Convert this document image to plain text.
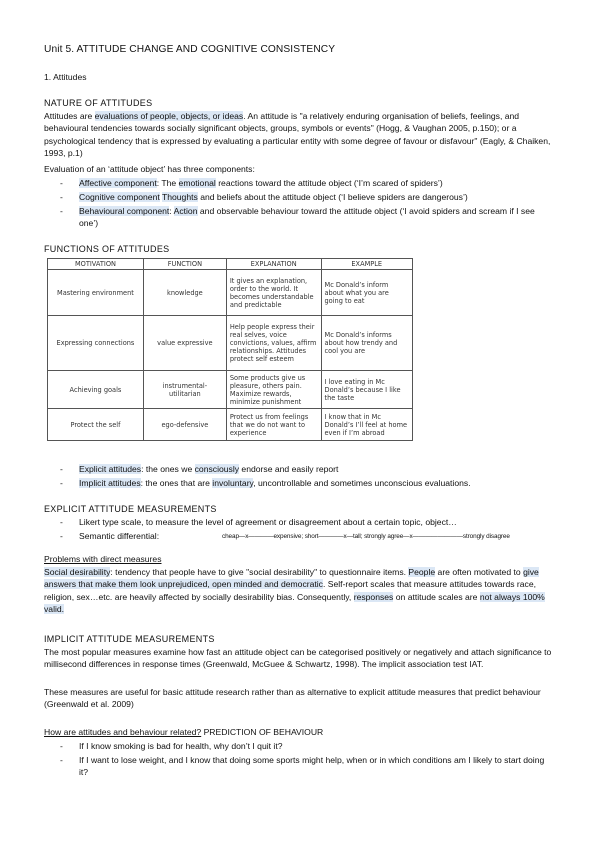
Unit 5. ATTITUDE CHANGE AND COGNITIVE CONSISTENCY
1. Attitudes
NATURE OF ATTITUDES
Attitudes are evaluations of people, objects, or ideas. An attitude is "a relatively enduring organisation of beliefs, feelings, and behavioural tendencies towards socially significant objects, groups, symbols or events" (Hogg, & Vaughan 2005, p.150); or a psychological tendency that is expressed by evaluating a particular entity with some degree of favour or disfavour" (Eagly, & Chaiken, 1993, p.1)
Evaluation of an ‘attitude object’ has three components:
- Affective component: The emotional reactions toward the attitude object (‘I’m scared of spiders’)
- Cognitive component Thoughts and beliefs about the attitude object (‘I believe spiders are dangerous’)
- Behavioural component: Action and observable behaviour toward the attitude object (‘I avoid spiders and scream if I see one’)
FUNCTIONS OF ATTITUDES
MOTIVATION	FUNCTION	EXPLANATION	EXAMPLE
Mastering environment	knowledge	It gives an explanation, order to the world. It becomes understandable and predictable	Mc Donald’s inform about what you are going to eat
Expressing connections	value expressive	Help people express their real selves, voice convictions, values, affirm relationships. Attitudes protect self esteem	Mc Donald’s informs about how trendy and cool you are
Achieving goals	instrumental-utilitarian	Some products give us pleasure, others pain. Maximize rewards, minimize punishment	I love eating in Mc Donald’s because I like the taste
Protect the self	ego-defensive	Protect us from feelings that we do not want to experience	I know that in Mc Donald’s I’ll feel at home even if I’m abroad
- Explicit attitudes: the ones we consciously endorse and easily report
- Implicit attitudes: the ones that are involuntary, uncontrollable and sometimes unconscious evaluations.
EXPLICIT ATTITUDE MEASUREMENTS
- Likert type scale, to measure the level of agreement or disagreement about a certain topic, object…
- Semantic differential:	cheap—x————expensive; short————x—tall; strongly agree—x————————strongly disagree
Problems with direct measures
Social desirability: tendency that people have to give "social desirability" to questionnaire items. People are often motivated to give answers that make them look unprejudiced, open minded and democratic. Self-report scales that measure attitudes towards race, religion, sex…etc. are heavily affected by socially desirability bias. Consequently, responses on attitude scales are not always 100% valid.
IMPLICIT ATTITUDE MEASUREMENTS
The most popular measures examine how fast an attitude object can be categorised positively or negatively and attach significance to millisecond differences in response times (Greenwald, McGuee & Schwartz, 1998). The implicit association test IAT.
These measures are useful for basic attitude research rather than as alternative to explicit attitude measures that predict behaviour (Greenwald et al. 2009)
How are attitudes and behaviour related? PREDICTION OF BEHAVIOUR
- If I know smoking is bad for health, why don’t I quit it?
- If I want to lose weight, and I know that doing some sports might help, when or in which conditions am I likely to start doing it?
